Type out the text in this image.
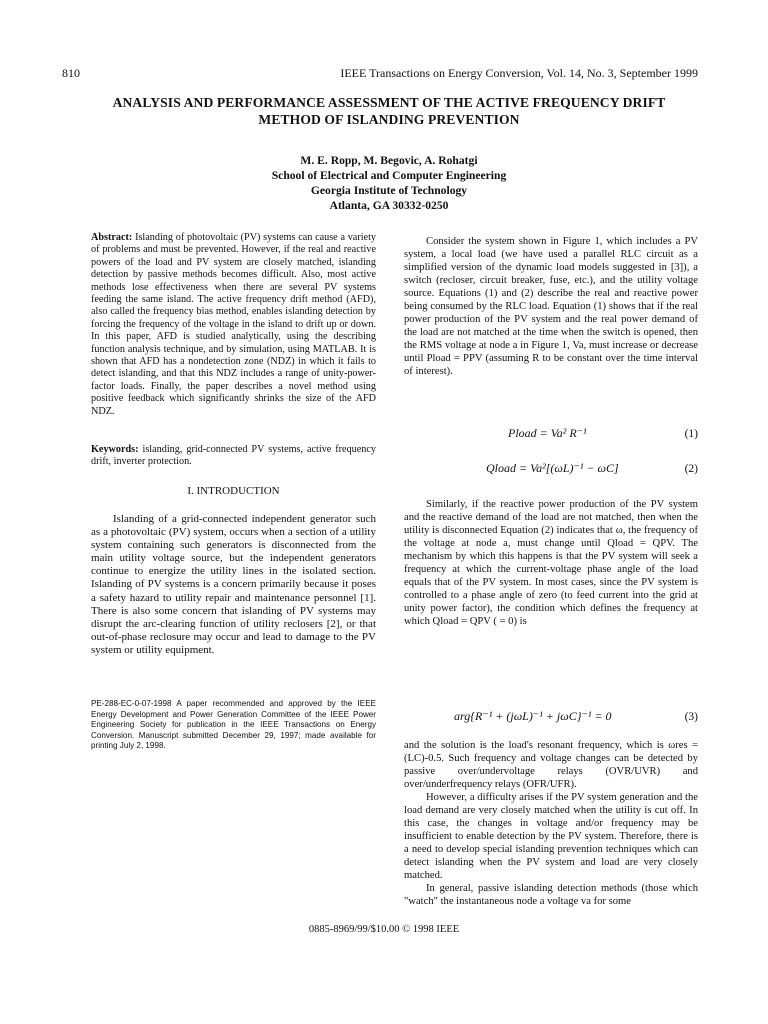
810	IEEE Transactions on Energy Conversion, Vol. 14, No. 3, September 1999
ANALYSIS AND PERFORMANCE ASSESSMENT OF THE ACTIVE FREQUENCY DRIFT METHOD OF ISLANDING PREVENTION
M. E. Ropp, M. Begovic, A. Rohatgi
School of Electrical and Computer Engineering
Georgia Institute of Technology
Atlanta, GA 30332-0250
Abstract: Islanding of photovoltaic (PV) systems can cause a variety of problems and must be prevented. However, if the real and reactive powers of the load and PV system are closely matched, islanding detection by passive methods becomes difficult. Also, most active methods lose effectiveness when there are several PV systems feeding the same island. The active frequency drift method (AFD), also called the frequency bias method, enables islanding detection by forcing the frequency of the voltage in the island to drift up or down. In this paper, AFD is studied analytically, using the describing function analysis technique, and by simulation, using MATLAB. It is shown that AFD has a nondetection zone (NDZ) in which it fails to detect islanding, and that this NDZ includes a range of unity-power-factor loads. Finally, the paper describes a novel method using positive feedback which significantly shrinks the size of the AFD NDZ.
Keywords: islanding, grid-connected PV systems, active frequency drift, inverter protection.
I. INTRODUCTION

Islanding of a grid-connected independent generator such as a photovoltaic (PV) system, occurs when a section of a utility system containing such generators is disconnected from the main utility voltage source, but the independent generators continue to energize the utility lines in the isolated section. Islanding of PV systems is a concern primarily because it poses a safety hazard to utility repair and maintenance personnel [1]. There is also some concern that islanding of PV systems may disrupt the arc-clearing function of utility reclosers [2], or that out-of-phase reclosure may occur and lead to damage to the PV system or utility equipment.

PE-288-EC-0-07-1998 A paper recommended and approved by the IEEE Energy Development and Power Generation Committee of the IEEE Power Engineering Society for publication in the IEEE Transactions on Energy Conversion. Manuscript submitted December 29, 1997; made available for printing July 2, 1998.

Consider the system shown in Figure 1, which includes a PV system, a local load (we have used a parallel RLC circuit as a simplified version of the dynamic load models suggested in [3]), a switch (recloser, circuit breaker, fuse, etc.), and the utility voltage source. Equations (1) and (2) describe the real and reactive power being consumed by the RLC load. Equation (1) shows that if the real power production of the PV system and the real power demand of the load are not matched at the time when the switch is opened, then the RMS voltage at node a in Figure 1, Va, must increase or decrease until Pload = PPV (assuming R to be constant over the time interval of interest).

Pload = Va² R⁻¹	(1)
Qload = Va²[(ωL)⁻¹ − ωC]	(2)

Similarly, if the reactive power production of the PV system and the reactive demand of the load are not matched, then when the utility is disconnected Equation (2) indicates that ω, the frequency of the voltage at node a, must change until Qload = QPV. The mechanism by which this happens is that the PV system will seek a frequency at which the current-voltage phase angle of the load equals that of the PV system. In most cases, since the PV system is controlled to a phase angle of zero (to feed current into the grid at unity power factor), the condition which defines the frequency at which Qload = QPV ( = 0) is

arg{R⁻¹ + (jωL)⁻¹ + jωC}⁻¹ = 0	(3)

and the solution is the load's resonant frequency, which is ωres = (LC)-0.5. Such frequency and voltage changes can be detected by passive over/undervoltage relays (OVR/UVR) and over/underfrequency relays (OFR/UFR).

However, a difficulty arises if the PV system generation and the load demand are very closely matched when the utility is cut off. In this case, the changes in voltage and/or frequency may be insufficient to enable detection by the PV system. Therefore, there is a need to develop special islanding prevention techniques which can detect islanding when the PV system and load are very closely matched.

In general, passive islanding detection methods (those which "watch" the instantaneous node a voltage va for some

0885-8969/99/$10.00 © 1998 IEEE
